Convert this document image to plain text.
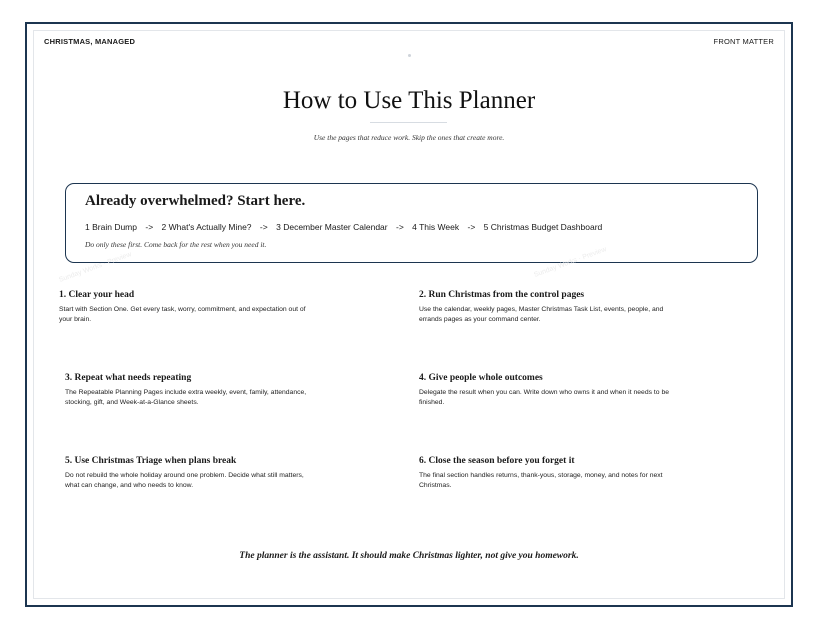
CHRISTMAS, MANAGED	FRONT MATTER
How to Use This Planner
Use the pages that reduce work. Skip the ones that create more.
Already overwhelmed? Start here.
1 Brain Dump -> 2 What's Actually Mine? -> 3 December Master Calendar -> 4 This Week -> 5 Christmas Budget Dashboard
Do only these first. Come back for the rest when you need it.
1. Clear your head

Start with Section One. Get every task, worry, commitment, and expectation out of your brain.

2. Run Christmas from the control pages

Use the calendar, weekly pages, Master Christmas Task List, events, people, and errands pages as your command center.

3. Repeat what needs repeating

The Repeatable Planning Pages include extra weekly, event, family, attendance, stocking, gift, and Week-at-a-Glance sheets.

4. Give people whole outcomes

Delegate the result when you can. Write down who owns it and when it needs to be finished.

5. Use Christmas Triage when plans break

Do not rebuild the whole holiday around one problem. Decide what still matters, what can change, and who needs to know.

6. Close the season before you forget it

The final section handles returns, thank-yous, storage, money, and notes for next Christmas.

The planner is the assistant. It should make Christmas lighter, not give you homework.
Sunday Works · Preview	Sunday Works · Preview
